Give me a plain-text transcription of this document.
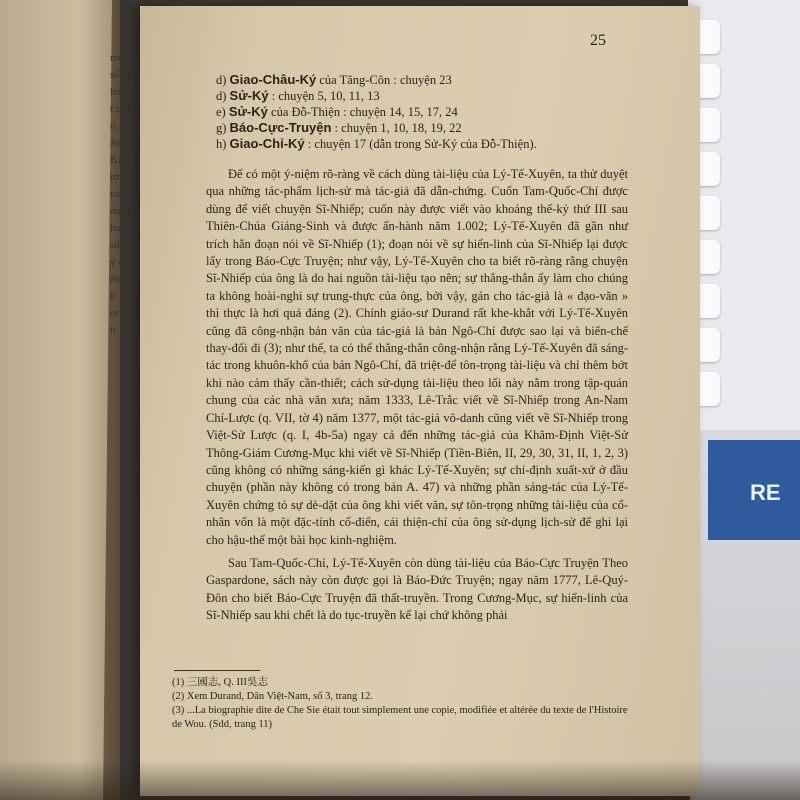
mọi
sống
hóa
t trời
n -
ằng
Kiết
ưng
nay
dụng
hay
sử
ỳ ở
ên
k
ot
it
RE
25
d) Giao-Châu-Ký của Tăng-Côn : chuyện 23
d) Sử-Ký : chuyện 5, 10, 11, 13
e) Sử-Ký của Đỗ-Thiện : chuyện 14, 15, 17, 24
g) Báo-Cực-Truyện : chuyện 1, 10, 18, 19, 22
h) Giao-Chỉ-Ký : chuyện 17 (dẫn trong Sử-Ký của Đỗ-Thiện).

Để có một ý-niệm rõ-ràng về cách dùng tài-liệu của Lý-Tế-Xuyên, ta thử duyệt qua những tác-phẩm lịch-sử mà tác-giả đã dẫn-chứng. Cuốn Tam-Quốc-Chí được dùng để viết chuyện Sĩ-Nhiếp; cuốn này được viết vào khoảng thế-kỷ thứ III sau Thiên-Chúa Giáng-Sinh và được ấn-hành năm 1.002; Lý-Tế-Xuyên đã gần như trích hẳn đoạn nói về Sĩ-Nhiếp (1); đoạn nói về sự hiển-linh của Sĩ-Nhiếp lại được lấy trong Báo-Cực Truyện; như vậy, Lý-Tế-Xuyên cho ta biết rõ-ràng rằng chuyện Sĩ-Nhiếp của ông là do hai nguồn tài-liệu tạo nên; sự thẳng-thắn ấy làm cho chúng ta không hoài-nghi sự trung-thực của ông, bởi vậy, gán cho tác-giả là « đạo-văn » thì thực là hơi quá đáng (2). Chính giáo-sư Durand rất khe-khắt với Lý-Tế-Xuyên cũng đã công-nhận bản văn của tác-giả là bản Ngô-Chí được sao lại và biến-chế thay-đổi đi (3); như thế, ta có thể thẳng-thắn công-nhận rằng Lý-Tế-Xuyên đã sáng-tác trong khuôn-khổ của bản Ngô-Chí, đã triệt-để tôn-trọng tài-liệu và chỉ thêm bớt khi nào cảm thấy cần-thiết; cách sử-dụng tài-liệu theo lối này nằm trong tập-quán chung của các nhà văn xưa; năm 1333, Lê-Trắc viết về Sĩ-Nhiếp trong An-Nam Chí-Lược (q. VII, tờ 4) năm 1377, một tác-giả vô-danh cũng viết về Sĩ-Nhiếp trong Việt-Sử Lược (q. I, 4b-5a) ngay cả đến những tác-giả của Khâm-Định Việt-Sử Thông-Giám Cương-Mục khi viết về Sĩ-Nhiếp (Tiền-Biên, II, 29, 30, 31, II, 1, 2, 3) cũng không có những sáng-kiến gì khác Lý-Tế-Xuyên; sự chỉ-định xuất-xứ ở đầu chuyện (phần này không có trong bản A. 47) và những phần sáng-tác của Lý-Tế-Xuyên chứng tỏ sự dè-dặt của ông khi viết văn, sự tôn-trọng những tài-liệu của cổ-nhân vốn là một đặc-tính cổ-điển, cái thiện-chí của ông sử-dụng lịch-sử để ghi lại cho hậu-thế một bài học kinh-nghiệm.

Sau Tam-Quốc-Chí, Lý-Tế-Xuyên còn dùng tài-liệu của Báo-Cực Truyện Theo Gaspardone, sách này còn được gọi là Báo-Đức Truyện; ngay năm 1777, Lê-Quý-Đôn cho biết Báo-Cực Truyện đã thất-truyền. Trong Cương-Mục, sự hiển-linh của Sĩ-Nhiếp sau khi chết là do tục-truyền kể lại chứ không phải

(1) 三國志, Q. III吳志

(2) Xem Durand, Dân Việt-Nam, số 3, trang 12.

(3) ...La biographie dite de Che Sie était tout simplement une copie, modifiée et altérée du texte de l'Histoire de Wou. (Sdd, trang 11)
